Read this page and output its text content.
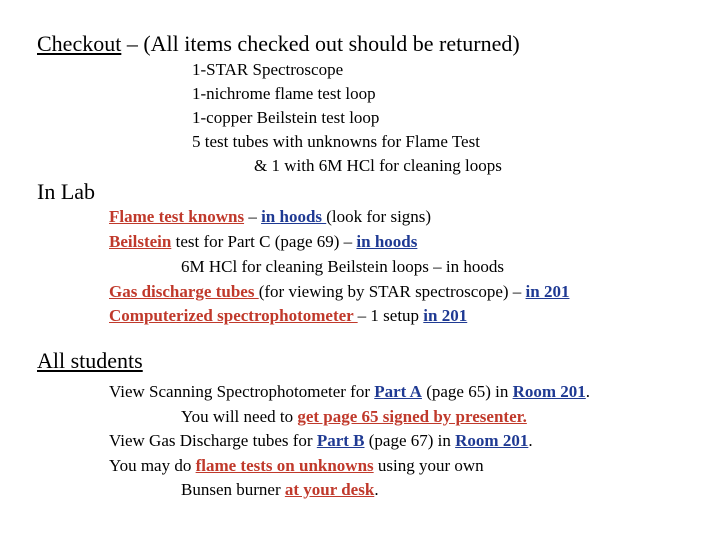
Checkout – (All items checked out should be returned)
1-STAR Spectroscope
1-nichrome flame test loop
1-copper Beilstein test loop
5 test tubes with unknowns for Flame Test
& 1 with 6M HCl for cleaning loops
In Lab
Flame test knowns – in hoods (look for signs)
Beilstein test for Part C (page 69) – in hoods
6M HCl for cleaning Beilstein loops – in hoods
Gas discharge tubes (for viewing by STAR spectroscope) – in 201
Computerized spectrophotometer – 1 setup in 201
All students
View Scanning Spectrophotometer for Part A (page 65) in Room 201.
You will need to get page 65 signed by presenter.
View Gas Discharge tubes for Part B (page 67) in Room 201.
You may do flame tests on unknowns using your own
Bunsen burner at your desk.
